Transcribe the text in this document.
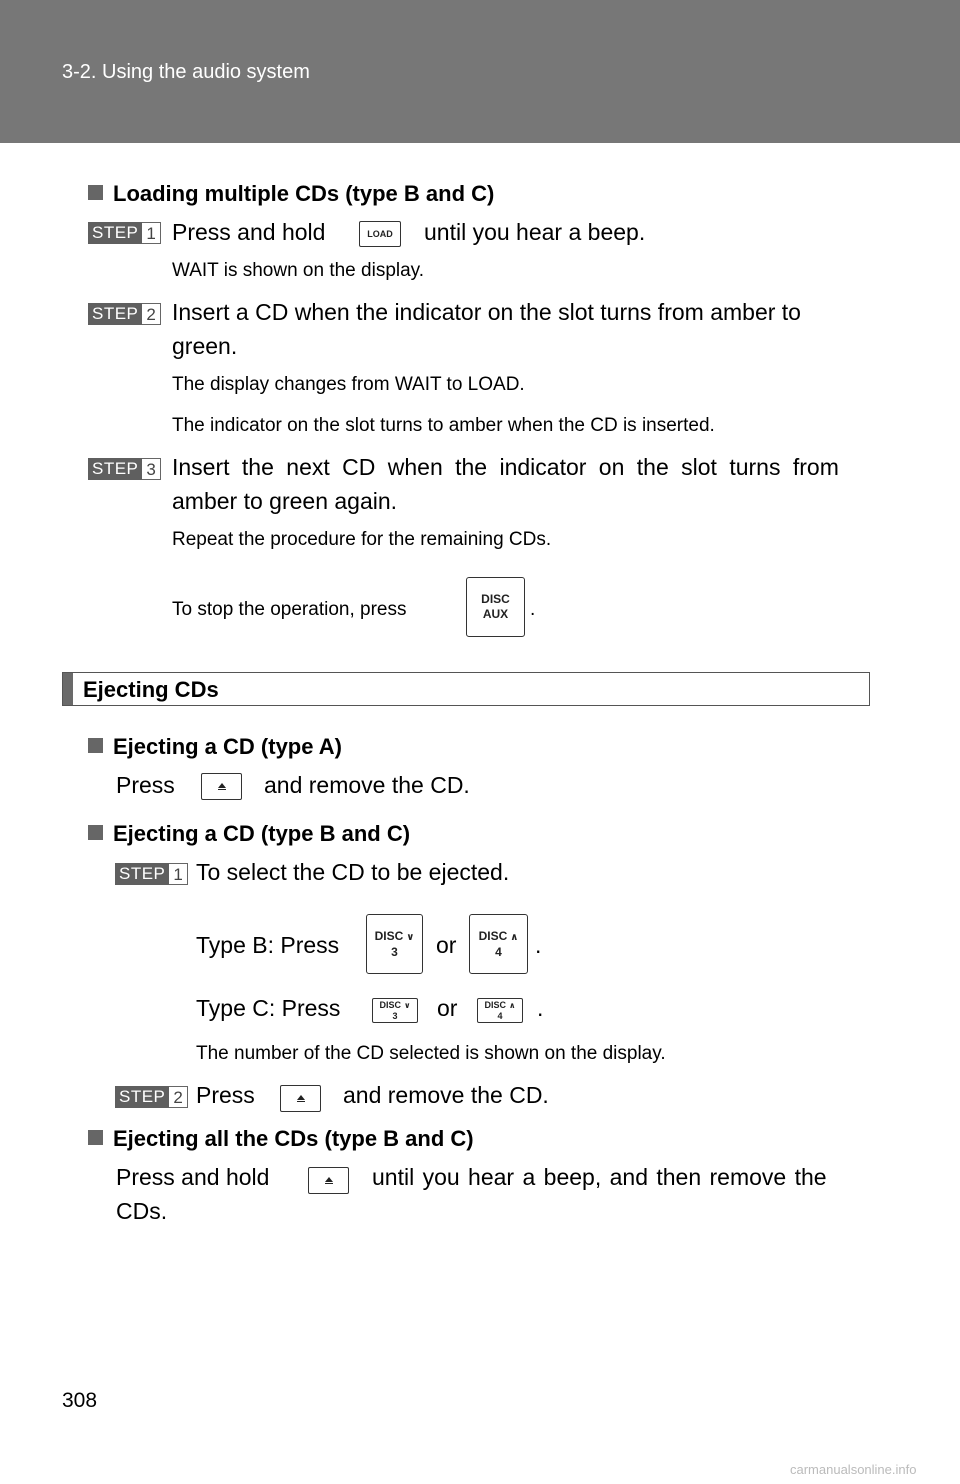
3-2. Using the audio system
Loading multiple CDs (type B and C)
STEP 1 Press and hold	LOAD until you hear a beep.
WAIT is shown on the display.
STEP 2 Insert a CD when the indicator on the slot turns from amber to
green.
The display changes from WAIT to LOAD.
The indicator on the slot turns to amber when the CD is inserted.
STEP 3 Insert the next CD when the indicator on the slot turns from
amber to green again.
Repeat the procedure for the remaining CDs.
To stop the operation, press	DISC
AUX .
Ejecting CDs
Ejecting a CD (type A)
Press	and remove the CD.
Ejecting a CD (type B and C)
STEP 1 To select the CD to be ejected.
Type B: Press	DISC ∨
3 or DISC ∧
4 .
Type C: Press	DISC ∨
3 or	DISC ∧
4 .
The number of the CD selected is shown on the display.
STEP 2 Press	and remove the CD.
Ejecting all the CDs (type B and C)
Press and hold	until you hear a beep, and then remove the
CDs.
308
carmanualsonline.info
